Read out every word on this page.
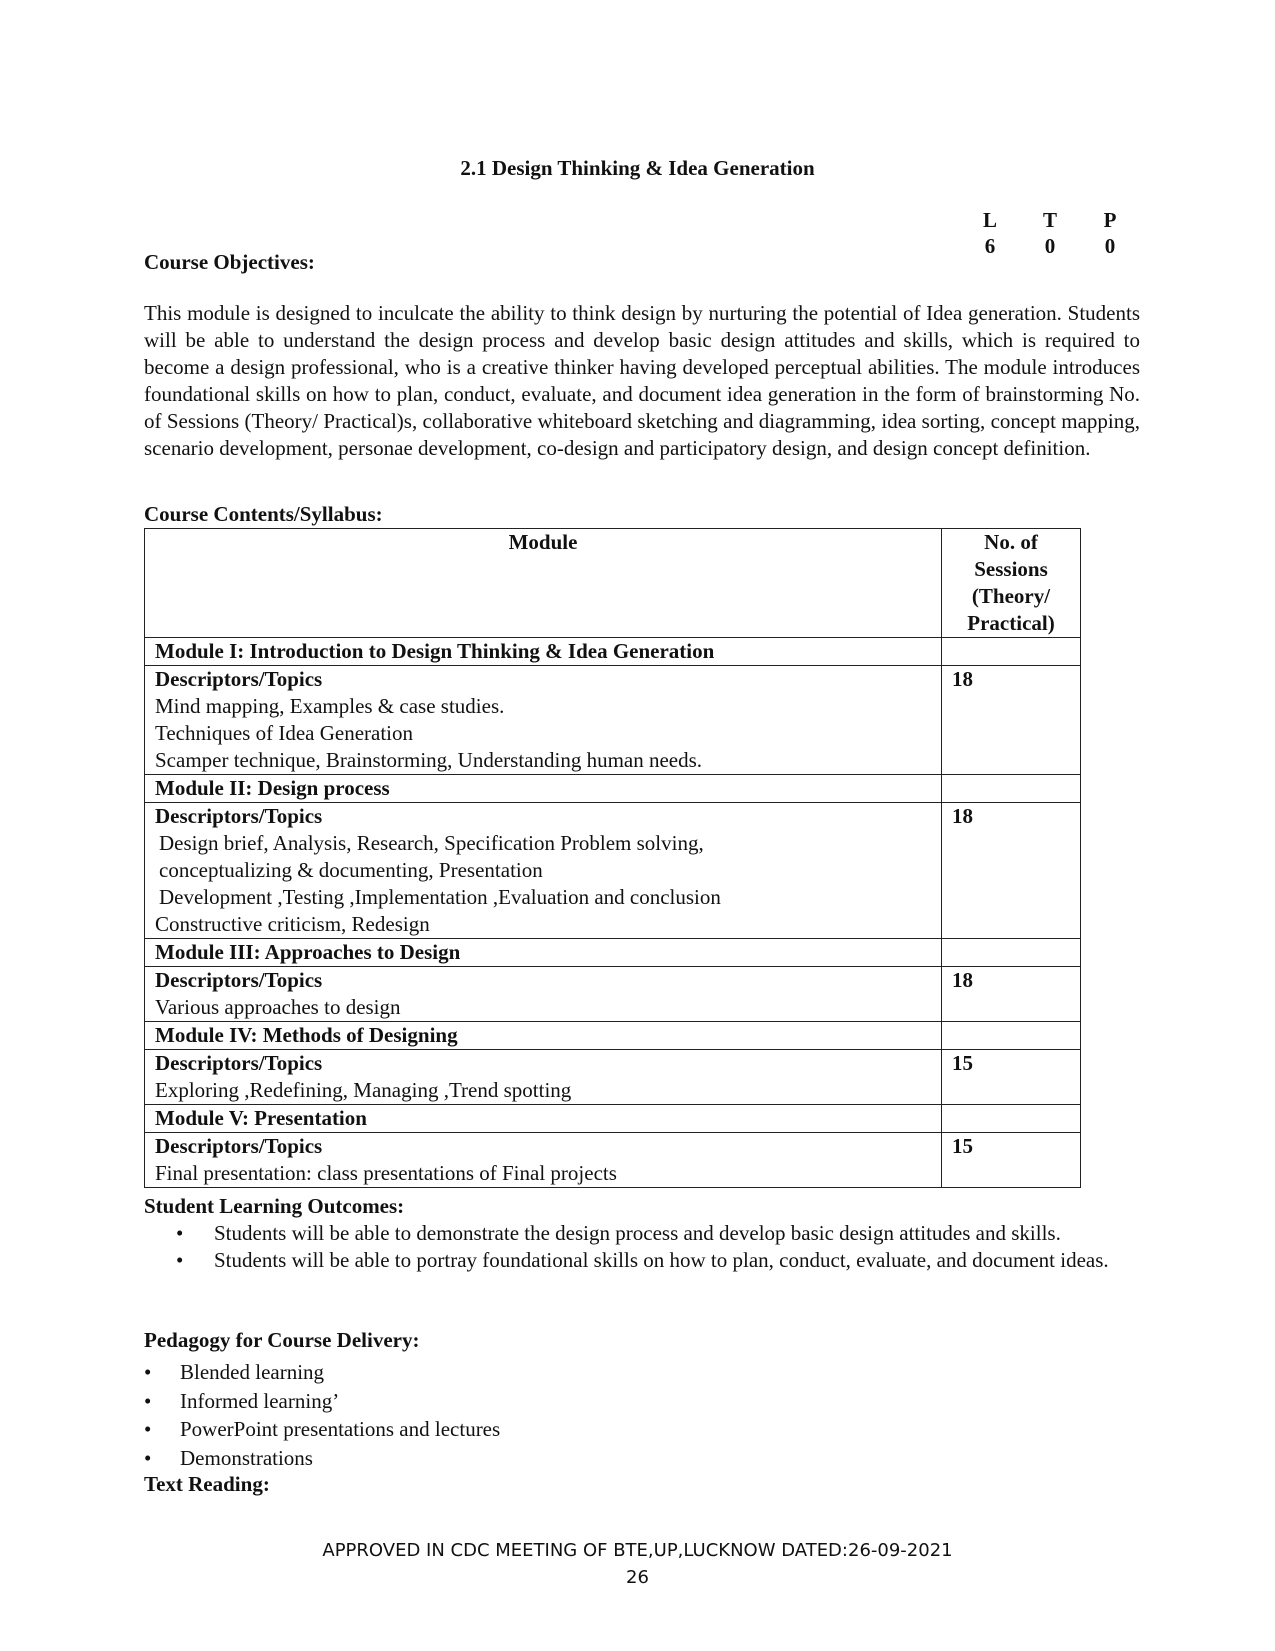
2.1 Design Thinking & Idea Generation
L	T	P
6	0	0
Course Objectives:

This module is designed to inculcate the ability to think design by nurturing the potential of Idea generation. Students will be able to understand the design process and develop basic design attitudes and skills, which is required to become a design professional, who is a creative thinker having developed perceptual abilities. The module introduces foundational skills on how to plan, conduct, evaluate, and document idea generation in the form of brainstorming No. of Sessions (Theory/ Practical)s, collaborative whiteboard sketching and diagramming, idea sorting, concept mapping, scenario development, personae development, co-design and participatory design, and design concept definition.

Course Contents/Syllabus:
Module	No. of Sessions (Theory/ Practical)
Module I: Introduction to Design Thinking & Idea Generation	

Descriptors/Topics
Mind mapping, Examples & case studies.
Techniques of Idea Generation
Scamper technique, Brainstorming, Understanding human needs.	18
Module II: Design process	

Descriptors/Topics
Design brief, Analysis, Research, Specification Problem solving,
conceptualizing & documenting, Presentation
Development ,Testing ,Implementation ,Evaluation and conclusion
Constructive criticism, Redesign	18
Module III: Approaches to Design	

Descriptors/Topics
Various approaches to design	18
Module IV: Methods of Designing	

Descriptors/Topics
Exploring ,Redefining, Managing ,Trend spotting	15
Module V: Presentation	

Descriptors/Topics
Final presentation: class presentations of Final projects	15
Student Learning Outcomes:
• Students will be able to demonstrate the design process and develop basic design attitudes and skills.
• Students will be able to portray foundational skills on how to plan, conduct, evaluate, and document ideas.
Pedagogy for Course Delivery:
• Blended learning
• Informed learning’
• PowerPoint presentations and lectures
• Demonstrations
Text Reading:
APPROVED IN CDC MEETING OF BTE,UP,LUCKNOW DATED:26-09-2021
26
